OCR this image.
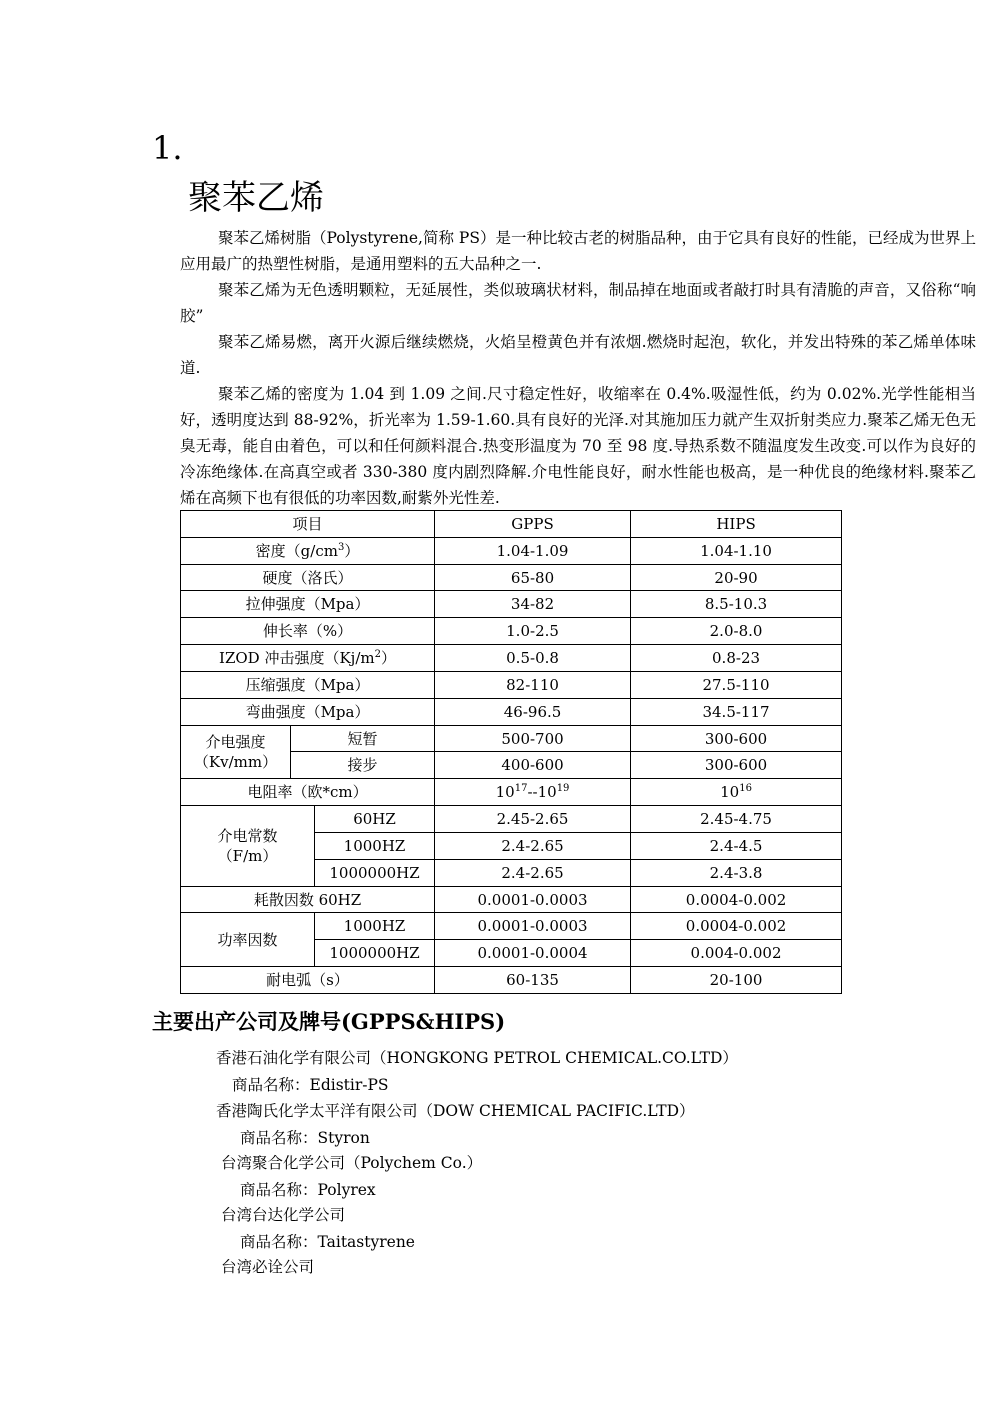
1.
聚苯乙烯

聚苯乙烯树脂（Polystyrene,简称 PS）是一种比较古老的树脂品种，由于它具有良好的性能，已经成为世界上应用最广的热塑性树脂，是通用塑料的五大品种之一.

聚苯乙烯为无色透明颗粒，无延展性，类似玻璃状材料，制品掉在地面或者敲打时具有清脆的声音，又俗称“响胶”

聚苯乙烯易燃，离开火源后继续燃烧，火焰呈橙黄色并有浓烟.燃烧时起泡，软化，并发出特殊的苯乙烯单体味道.

聚苯乙烯的密度为 1.04 到 1.09 之间.尺寸稳定性好，收缩率在 0.4%.吸湿性低，约为 0.02%.光学性能相当好，透明度达到 88-92%，折光率为 1.59-1.60.具有良好的光泽.对其施加压力就产生双折射类应力.聚苯乙烯无色无臭无毒，能自由着色，可以和任何颜料混合.热变形温度为 70 至 98 度.导热系数不随温度发生改变.可以作为良好的冷冻绝缘体.在高真空或者 330-380 度内剧烈降解.介电性能良好，耐水性能也极高，是一种优良的绝缘材料.聚苯乙烯在高频下也有很低的功率因数,耐紫外光性差.

项目			GPPS	HIPS
密度$(g/cm^3)$			1.04-1.09	1.04-1.10
硬度（洛氏）			65-80	20-90
拉伸强度（Mpa）			34-82	8.5-10.3
伸长率（%）			1.0-2.5	2.0-8.0
IZOD 冲击强度$(Kj/m^2)$			0.5-0.8	0.8-23
压缩强度（Mpa）			82-110	27.5-110
弯曲强度（Mpa）			46-96.5	34.5-117
介电强度
（Kv/mm）	短暂		500-700	300-600
	接步		400-600	300-600
电阻率（欧*cm）			$10^{17}--10^{19}$	$10^{16}$
介电常数
（F/m）		60HZ	2.45-2.65	2.45-4.75
		1000HZ	2.4-2.65	2.4-4.5
		1000000HZ	2.4-2.65	2.4-3.8
耗散因数 60HZ			0.0001-0.0003	0.0004-0.002
功率因数		1000HZ	0.0001-0.0003	0.0004-0.002
		1000000HZ	0.0001-0.0004	0.004-0.002
耐电弧（s）			60-135	20-100
主要出产公司及牌号(GPPS&HIPS)
香港石油化学有限公司（HONGKONG PETROL CHEMICAL.CO.LTD）
商品名称：Edistir-PS
香港陶氏化学太平洋有限公司（DOW CHEMICAL PACIFIC.LTD）
商品名称：Styron
台湾聚合化学公司（Polychem Co.）
商品名称：Polyrex
台湾台达化学公司
商品名称：Taitastyrene
台湾必诠公司
